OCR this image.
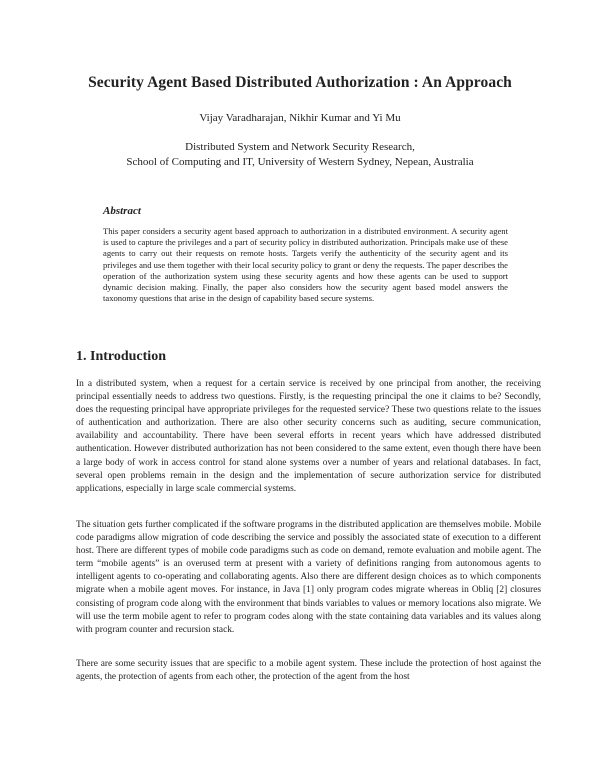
Security Agent Based Distributed Authorization : An Approach
Vijay Varadharajan, Nikhir Kumar and Yi Mu
Distributed System and Network Security Research,
School of Computing and IT, University of Western Sydney, Nepean, Australia
Abstract
This paper considers a security agent based approach to authorization in a distributed environment. A security agent is used to capture the privileges and a part of security policy in distributed authorization. Principals make use of these agents to carry out their requests on remote hosts. Targets verify the authenticity of the security agent and its privileges and use them together with their local security policy to grant or deny the requests. The paper describes the operation of the authorization system using these security agents and how these agents can be used to support dynamic decision making. Finally, the paper also considers how the security agent based model answers the taxonomy questions that arise in the design of capability based secure systems.
1. Introduction
In a distributed system, when a request for a certain service is received by one principal from another, the receiving principal essentially needs to address two questions. Firstly, is the requesting principal the one it claims to be? Secondly, does the requesting principal have appropriate privileges for the requested service? These two questions relate to the issues of authentication and authorization. There are also other security concerns such as auditing, secure communication, availability and accountability. There have been several efforts in recent years which have addressed distributed authentication. However distributed authorization has not been considered to the same extent, even though there have been a large body of work in access control for stand alone systems over a number of years and relational databases. In fact, several open problems remain in the design and the implementation of secure authorization service for distributed applications, especially in large scale commercial systems.
The situation gets further complicated if the software programs in the distributed application are themselves mobile. Mobile code paradigms allow migration of code describing the service and possibly the associated state of execution to a different host. There are different types of mobile code paradigms such as code on demand, remote evaluation and mobile agent. The term “mobile agents” is an overused term at present with a variety of definitions ranging from autonomous agents to intelligent agents to co-operating and collaborating agents. Also there are different design choices as to which components migrate when a mobile agent moves. For instance, in Java [1] only program codes migrate whereas in Obliq [2] closures consisting of program code along with the environment that binds variables to values or memory locations also migrate. We will use the term mobile agent to refer to program codes along with the state containing data variables and its values along with program counter and recursion stack.
There are some security issues that are specific to a mobile agent system. These include the protection of host against the agents, the protection of agents from each other, the protection of the agent from the host
